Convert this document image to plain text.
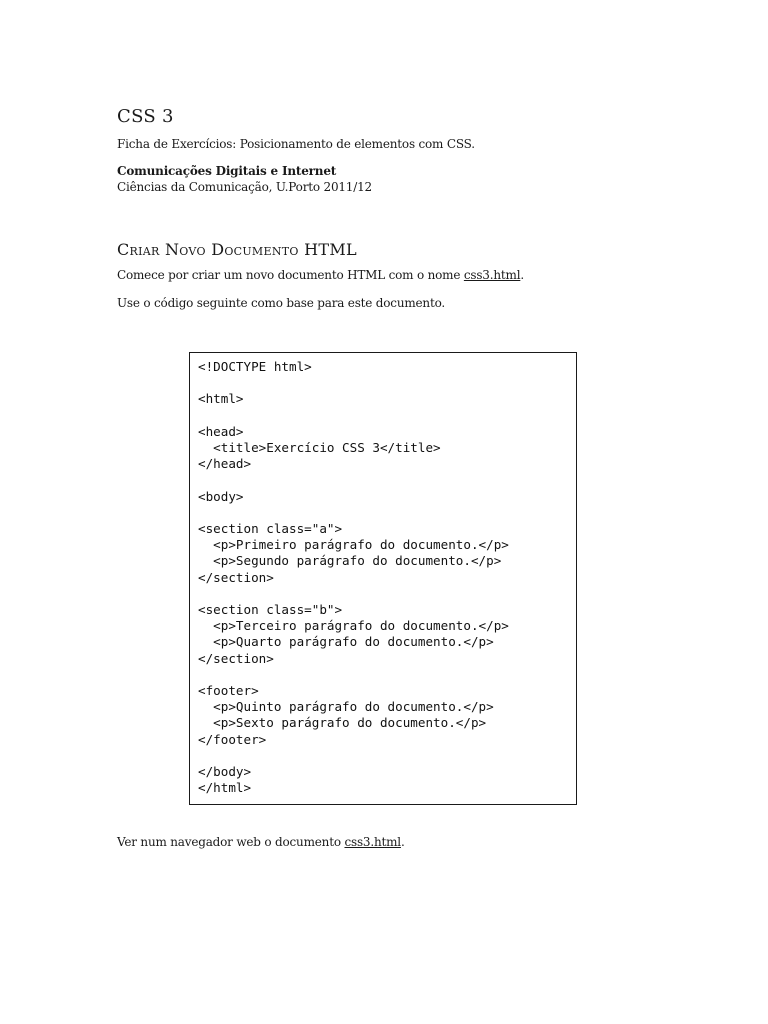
CSS 3
Ficha de Exercícios: Posicionamento de elementos com CSS.
Comunicações Digitais e Internet
Ciências da Comunicação, U.Porto 2011/12
Criar Novo Documento HTML
Comece por criar um novo documento HTML com o nome css3.html.
Use o código seguinte como base para este documento.
<!DOCTYPE html>

<html>

<head>
<title>Exercício CSS 3</title>
</head>

<body>

<section class="a">
<p>Primeiro parágrafo do documento.</p>
<p>Segundo parágrafo do documento.</p>
</section>

<section class="b">
<p>Terceiro parágrafo do documento.</p>
<p>Quarto parágrafo do documento.</p>
</section>

<footer>
<p>Quinto parágrafo do documento.</p>
<p>Sexto parágrafo do documento.</p>
</footer>

</body>
</html>
Ver num navegador web o documento css3.html.
